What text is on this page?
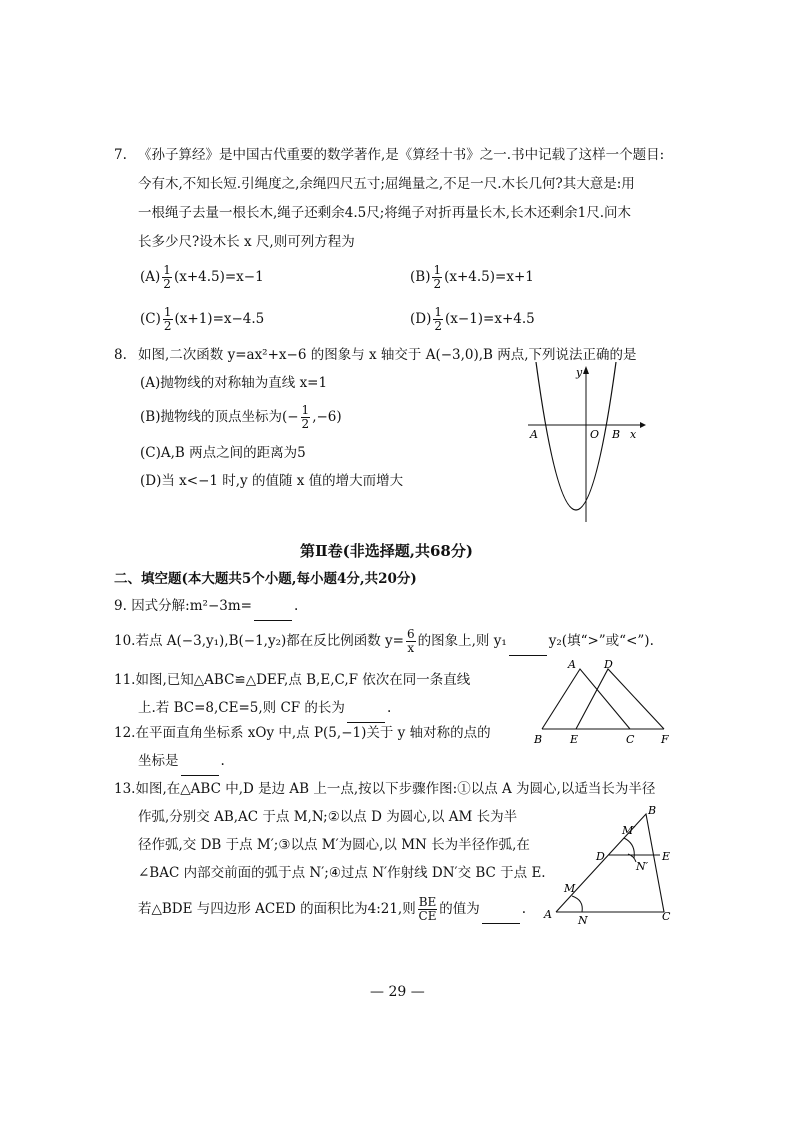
7. 《孙子算经》是中国古代重要的数学著作,是《算经十书》之一.书中记载了这样一个题目:
今有木,不知长短.引绳度之,余绳四尺五寸;屈绳量之,不足一尺.木长几何?其大意是:用
一根绳子去量一根长木,绳子还剩余4.5尺;将绳子对折再量长木,长木还剩余1尺.问木
长多少尺?设木长 x 尺,则可列方程为
$(A) \frac{1}{2} (x+4.5)=x-1$	$(B) \frac{1}{2} (x+4.5)=x+1$
$(C) \frac{1}{2} (x+1)=x-4.5$	$(D) \frac{1}{2} (x-1)=x+4.5$
8. 如图,二次函数 y=ax²+x−6 的图象与 x 轴交于 A(−3,0),B 两点,下列说法正确的是
(A)抛物线的对称轴为直线 x=1
(B)抛物线的顶点坐标为(− $\frac{1}{2} ,-6$)
(C)A,B 两点之间的距离为5
(D)当 x<−1 时,y 的值随 x 值的增大而增大
y
A	O B x
第Ⅱ卷(非选择题,共68分)
二、填空题(本大题共5个小题,每小题4分,共20分)
9. 因式分解:m²−3m=	.
10.若点 A(−3,y₁),B(−1,y₂)都在反比例函数 $y= \frac{6}{x}$ 的图象上,则 y₁	y₂(填“>”或“<”).
11.如图,已知△ABC≌△DEF,点 B,E,C,F 依次在同一条直线
上.若 BC=8,CE=5,则 CF 的长为	.
A	D
B	E	C F
12.在平面直角坐标系 xOy 中,点 P(5,−1)关于 y 轴对称的点的
坐标是	.
13.如图,在△ABC 中,D 是边 AB 上一点,按以下步骤作图:①以点 A 为圆心,以适当长为半径
作弧,分别交 AB,AC 于点 M,N;②以点 D 为圆心,以 AM 长为半
径作弧,交 DB 于点 M′;③以点 M′为圆心,以 MN 长为半径作弧,在
∠BAC 内部交前面的弧于点 N′;④过点 N′作射线 DN′交 BC 于点 E.
若△BDE 与四边形 ACED 的面积比为4:21,则 $\frac{BE}{CE}$ 的值为	.
B
M′
D
N′
E
M
A N	C
— 29 —
